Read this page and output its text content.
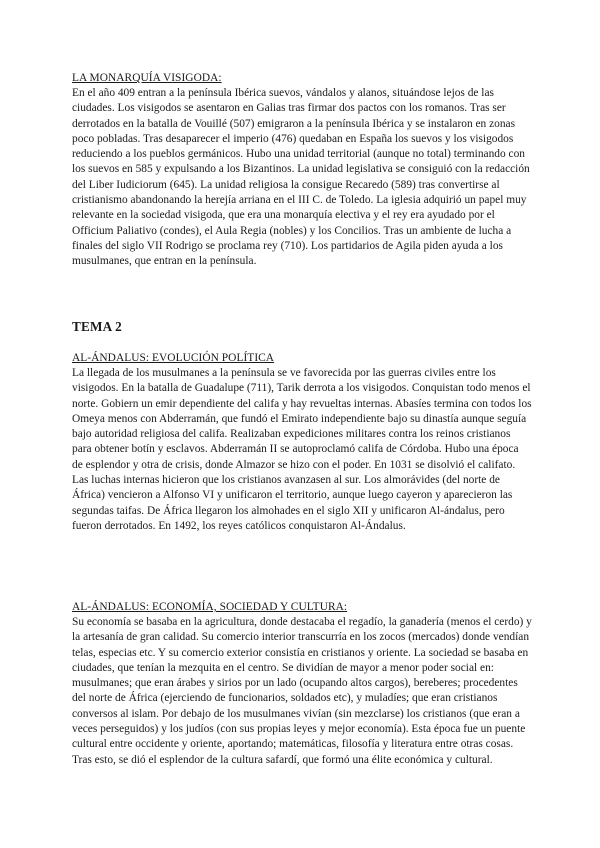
LA MONARQUÍA VISIGODA:

En el año 409 entran a la península Ibérica suevos, vándalos y alanos, situándose lejos de las ciudades. Los visigodos se asentaron en Galias tras firmar dos pactos con los romanos. Tras ser derrotados en la batalla de Vouillé (507) emigraron a la península Ibérica y se instalaron en zonas poco pobladas. Tras desaparecer el imperio (476) quedaban en España los suevos y los visigodos reduciendo a los pueblos germánicos. Hubo una unidad territorial (aunque no total) terminando con los suevos en 585 y expulsando a los Bizantinos. La unidad legislativa se consiguió con la redacción del Liber Iudiciorum (645). La unidad religiosa la consigue Recaredo (589) tras convertirse al cristianismo abandonando la herejía arriana en el III C. de Toledo. La iglesia adquirió un papel muy relevante en la sociedad visigoda, que era una monarquía electiva y el rey era ayudado por el Officium Paliativo (condes), el Aula Regia (nobles) y los Concilios. Tras un ambiente de lucha a finales del siglo VII Rodrigo se proclama rey (710). Los partidarios de Agila piden ayuda a los musulmanes, que entran en la península.

TEMA 2
AL-ÁNDALUS: EVOLUCIÓN POLÍTICA

La llegada de los musulmanes a la península se ve favorecida por las guerras civiles entre los visigodos. En la batalla de Guadalupe (711), Tarik derrota a los visigodos. Conquistan todo menos el norte. Gobiern un emir dependiente del califa y hay revueltas internas. Abasíes termina con todos los Omeya menos con Abderramán, que fundó el Emirato independiente bajo su dinastía aunque seguía bajo autoridad religiosa del califa. Realizaban expediciones militares contra los reinos cristianos para obtener botín y esclavos. Abderramán II se autoproclamó califa de Córdoba. Hubo una época de esplendor y otra de crisis, donde Almazor se hizo con el poder. En 1031 se disolvió el califato. Las luchas internas hicieron que los cristianos avanzasen al sur. Los almorávides (del norte de África) vencieron a Alfonso VI y unificaron el territorio, aunque luego cayeron y aparecieron las segundas taifas. De África llegaron los almohades en el siglo XII y unificaron Al-ándalus, pero fueron derrotados. En 1492, los reyes católicos conquistaron Al-Ándalus.

AL-ÁNDALUS: ECONOMÍA, SOCIEDAD Y CULTURA:

Su economía se basaba en la agricultura, donde destacaba el regadío, la ganadería (menos el cerdo) y la artesanía de gran calidad. Su comercio interior transcurría en los zocos (mercados) donde vendían telas, especias etc. Y su comercio exterior consistía en cristianos y oriente. La sociedad se basaba en ciudades, que tenían la mezquita en el centro. Se dividían de mayor a menor poder social en: musulmanes; que eran árabes y sirios por un lado (ocupando altos cargos), bereberes; procedentes del norte de África (ejerciendo de funcionarios, soldados etc), y muladíes; que eran cristianos conversos al islam. Por debajo de los musulmanes vivían (sin mezclarse) los cristianos (que eran a veces perseguidos) y los judíos (con sus propias leyes y mejor economía). Esta época fue un puente cultural entre occidente y oriente, aportando; matemáticas, filosofía y literatura entre otras cosas. Tras esto, se dió el esplendor de la cultura safardí, que formó una élite económica y cultural.
